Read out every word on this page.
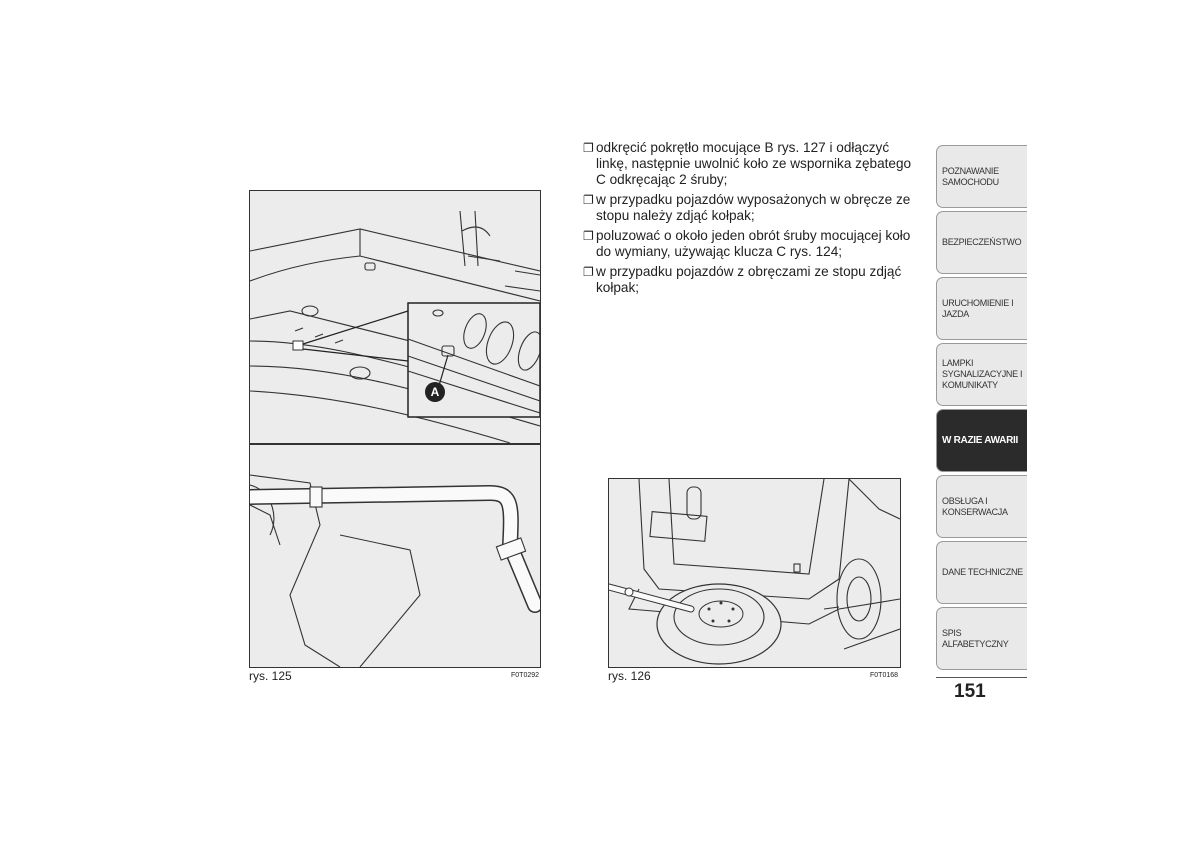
A
rys. 125	F0T0292
❐ odkręcić pokrętło mocujące B rys. 127 i odłączyć linkę, następnie uwolnić koło ze wspornika zębatego C odkręcając 2 śruby;
❐ w przypadku pojazdów wyposażonych w obręcze ze stopu należy zdjąć kołpak;
❐ poluzować o około jeden obrót śruby mocującej koło do wymiany, używając klucza C rys. 124;
❐ w przypadku pojazdów z obręczami ze stopu zdjąć kołpak;
rys. 126	F0T0168
POZNAWANIE
SAMOCHODU
BEZPIECZEŃSTWO
URUCHOMIENIE I
JAZDA
LAMPKI
SYGNALIZACYJNE I
KOMUNIKATY
W RAZIE AWARII
OBSŁUGA I
KONSERWACJA
DANE TECHNICZNE
SPIS ALFABETYCZNY
151
